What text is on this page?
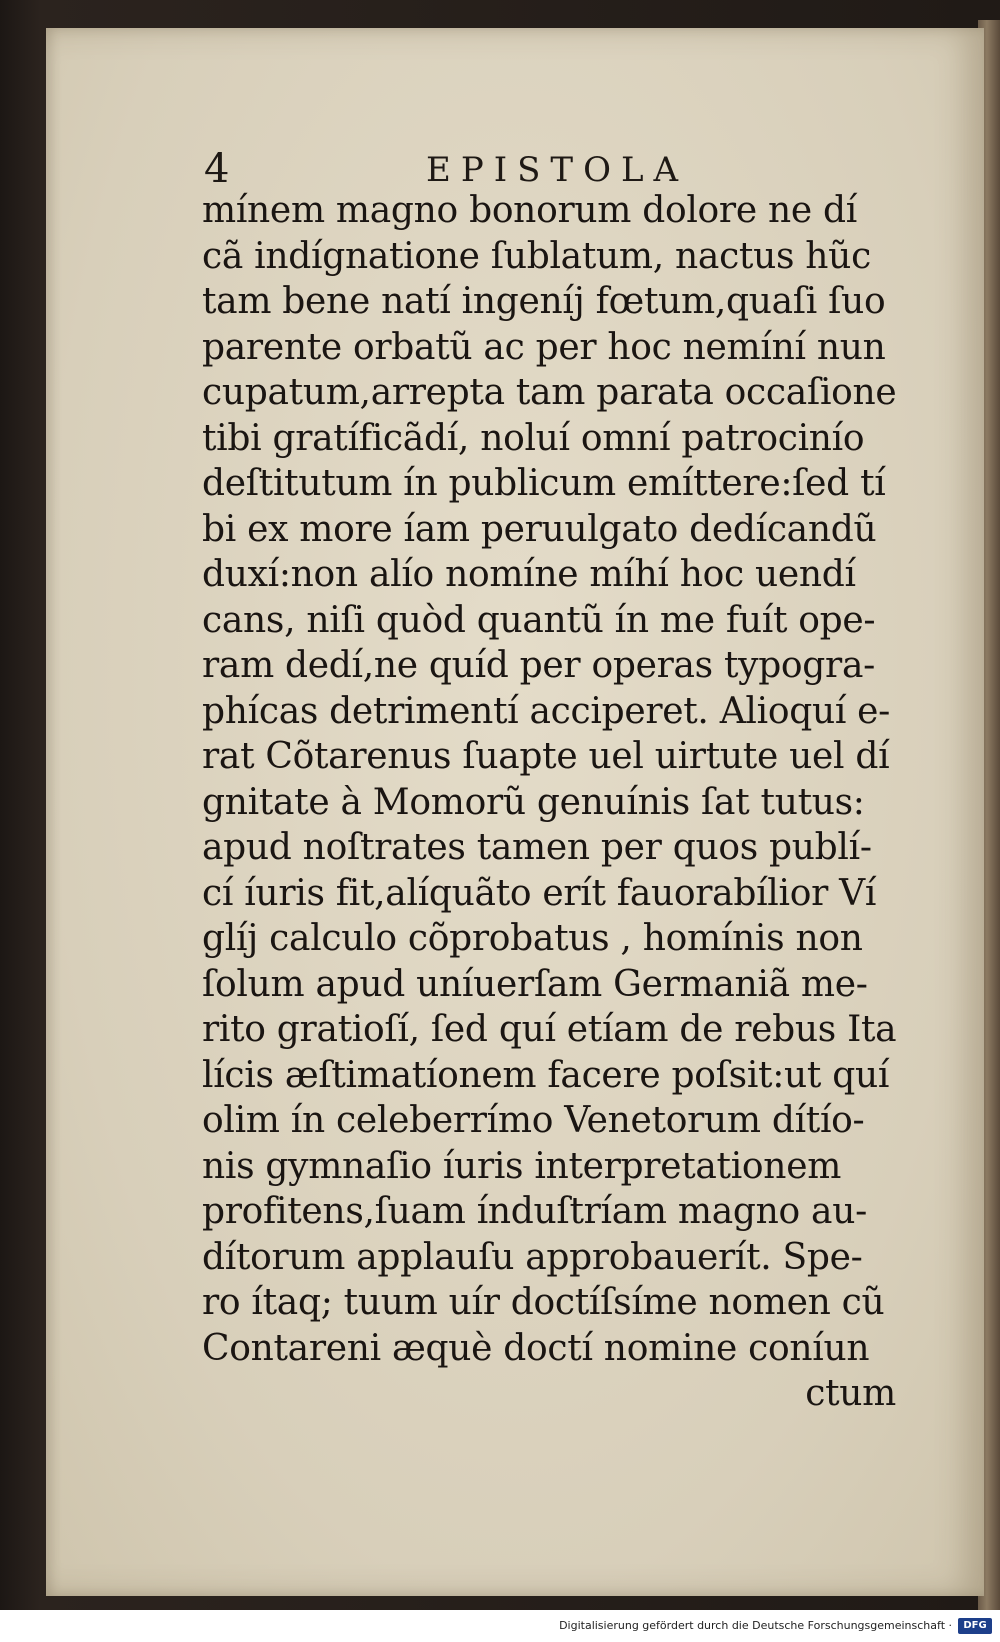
4	EPISTOLA

mínem magno bonorum dolore ne dí
cã indígnatione ſublatum, nactus hũc
tam bene natí ingeníj fœtum,quaſi ſuo
parente orbatũ ac per hoc nemíní nun
cupatum,arrepta tam parata occaſione
tibi gratíficãdí, noluí omní patrocinío
deſtitutum ín publicum emíttere:ſed tí
bi ex more íam peruulgato dedícandũ
duxí:non alío nomíne míhí hoc uendí
cans, niſi quòd quantũ ín me fuít ope-
ram dedí,ne quíd per operas typogra-
phícas detrimentí acciperet. Alioquí e-
rat Cõtarenus ſuapte uel uirtute uel dí
gnitate à Momorũ genuínis ſat tutus:
apud noſtrates tamen per quos publí-
cí íuris fit,alíquãto erít fauorabílior Ví
glíj calculo cõprobatus , homínis non
ſolum apud uníuerſam Germaniã me-
rito gratioſí, ſed quí etíam de rebus Ita
lícis æſtimatíonem facere poſsit:ut quí
olim ín celeberrímo Venetorum dítío-
nis gymnaſio íuris interpretationem
profitens,ſuam índuſtríam magno au-
dítorum applauſu approbauerít. Spe-
ro ítaq; tuum uír doctíſsíme nomen cũ
Contareni æquè doctí nomine coníun
ctum

Digitalisierung gefördert durch die Deutsche Forschungsgemeinschaft ·	DFG
